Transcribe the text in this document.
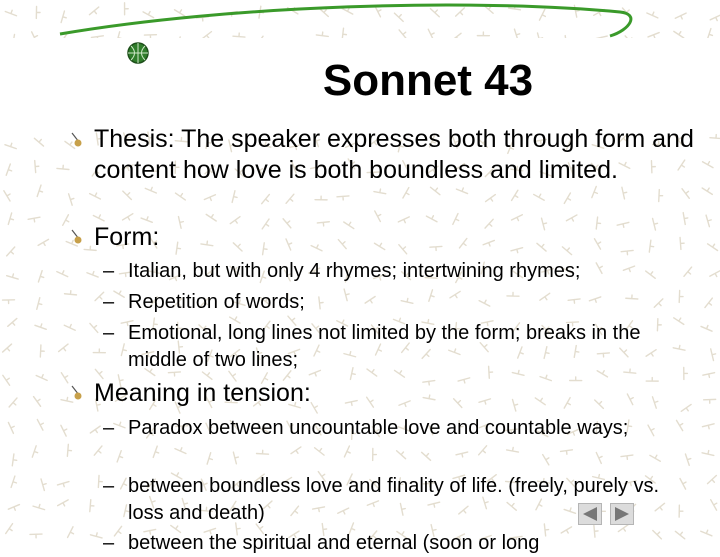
Sonnet 43
Thesis: The speaker expresses both through form and content how love is both boundless and limited.
Form:
– Italian, but with only 4 rhymes; intertwining rhymes;
– Repetition of words;
– Emotional, long lines not limited by the form; breaks in the middle of two lines;
Meaning in tension:
– Paradox between uncountable love and countable ways;
– between boundless love and finality of life. (freely, purely vs. loss and death)
– between the spiritual and eternal (soon or long
